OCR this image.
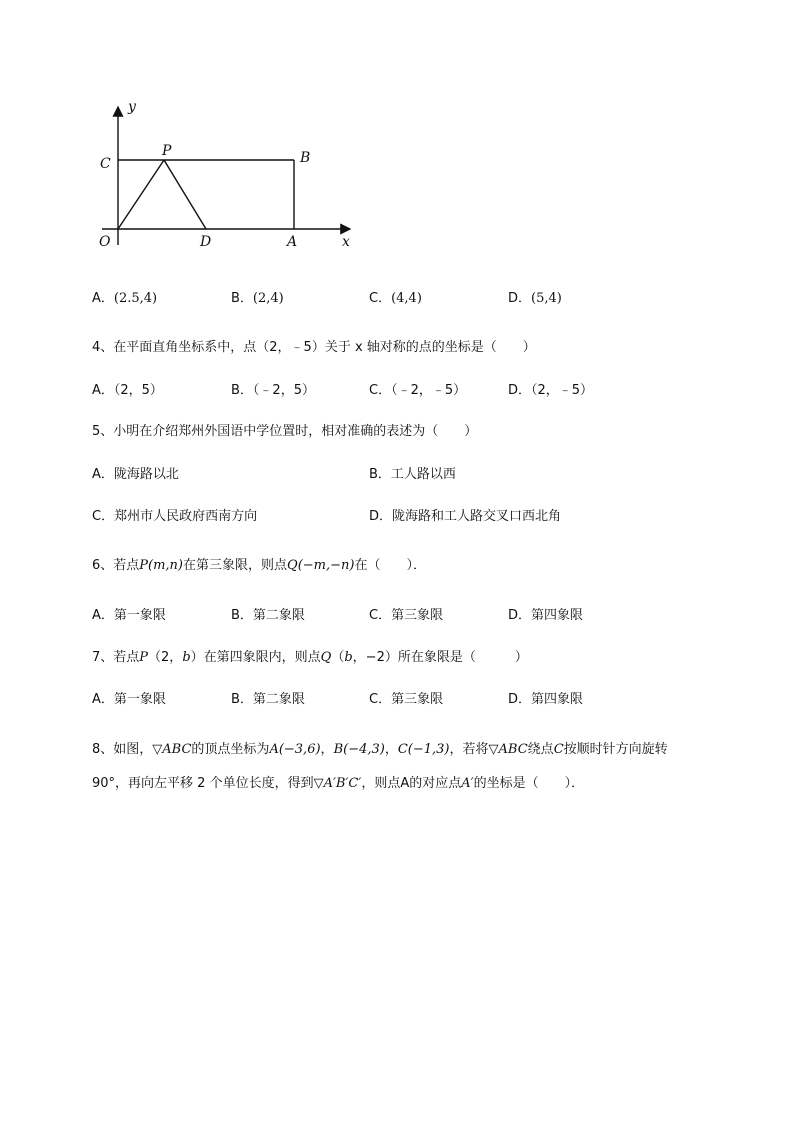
y
x
C
P	B
O	D	A
A．(2.5,4)	B．(2,4)	C．(4,4)	D．(5,4)
4、在平面直角坐标系中，点（2，﹣5）关于 x 轴对称的点的坐标是（　　）
A．（2，5）	B．（﹣2，5）	C．（﹣2，﹣5）	D．（2，﹣5）
5、小明在介绍郑州外国语中学位置时，相对准确的表述为（　　）
A．陇海路以北	B．工人路以西
C．郑州市人民政府西南方向	D．陇海路和工人路交叉口西北角
6、若点P(m,n)在第三象限，则点Q(−m,−n)在（　　）．
A．第一象限	B．第二象限	C．第三象限	D．第四象限
7、若点P（2，b）在第四象限内，则点Q（b，−2）所在象限是（　　　）
A．第一象限	B．第二象限	C．第三象限	D．第四象限
8、如图，▽ABC的顶点坐标为A(−3,6)，B(−4,3)，C(−1,3)，若将▽ABC绕点C按顺时针方向旋转
90°，再向左平移 2 个单位长度，得到▽A′B′C′，则点A的对应点A′的坐标是（　　）．
